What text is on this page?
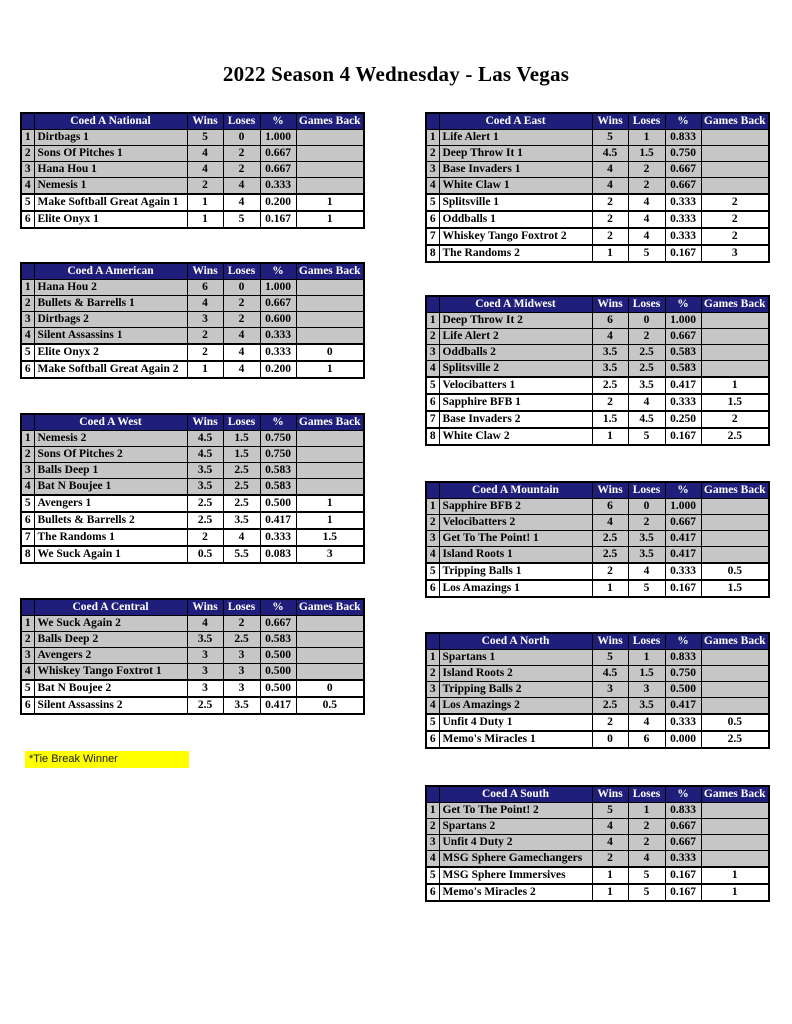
2022 Season 4 Wednesday - Las Vegas
	Coed A National	Wins	Loses	%	Games Back
1	Dirtbags 1	5	0	1.000	
2	Sons Of Pitches 1	4	2	0.667	
3	Hana Hou 1	4	2	0.667	
4	Nemesis 1	2	4	0.333	
5	Make Softball Great Again 1	1	4	0.200	1
6	Elite Onyx 1	1	5	0.167	1
	Coed A American	Wins	Loses	%	Games Back
1	Hana Hou 2	6	0	1.000	
2	Bullets & Barrells 1	4	2	0.667	
3	Dirtbags 2	3	2	0.600	
4	Silent Assassins 1	2	4	0.333	
5	Elite Onyx 2	2	4	0.333	0
6	Make Softball Great Again 2	1	4	0.200	1
	Coed A West	Wins	Loses	%	Games Back
1	Nemesis 2	4.5	1.5	0.750	
2	Sons Of Pitches 2	4.5	1.5	0.750	
3	Balls Deep 1	3.5	2.5	0.583	
4	Bat N Boujee 1	3.5	2.5	0.583	
5	Avengers 1	2.5	2.5	0.500	1
6	Bullets & Barrells 2	2.5	3.5	0.417	1
7	The Randoms 1	2	4	0.333	1.5
8	We Suck Again 1	0.5	5.5	0.083	3
	Coed A Central	Wins	Loses	%	Games Back
1	We Suck Again 2	4	2	0.667	
2	Balls Deep 2	3.5	2.5	0.583	
3	Avengers 2	3	3	0.500	
4	Whiskey Tango Foxtrot 1	3	3	0.500	
5	Bat N Boujee 2	3	3	0.500	0
6	Silent Assassins 2	2.5	3.5	0.417	0.5
	Coed A East	Wins	Loses	%	Games Back
1	Life Alert 1	5	1	0.833	
2	Deep Throw It 1	4.5	1.5	0.750	
3	Base Invaders 1	4	2	0.667	
4	White Claw 1	4	2	0.667	
5	Splitsville 1	2	4	0.333	2
6	Oddballs 1	2	4	0.333	2
7	Whiskey Tango Foxtrot 2	2	4	0.333	2
8	The Randoms 2	1	5	0.167	3
	Coed A Midwest	Wins	Loses	%	Games Back
1	Deep Throw It 2	6	0	1.000	
2	Life Alert 2	4	2	0.667	
3	Oddballs 2	3.5	2.5	0.583	
4	Splitsville 2	3.5	2.5	0.583	
5	Velocibatters 1	2.5	3.5	0.417	1
6	Sapphire BFB 1	2	4	0.333	1.5
7	Base Invaders 2	1.5	4.5	0.250	2
8	White Claw 2	1	5	0.167	2.5
	Coed A Mountain	Wins	Loses	%	Games Back
1	Sapphire BFB 2	6	0	1.000	
2	Velocibatters 2	4	2	0.667	
3	Get To The Point! 1	2.5	3.5	0.417	
4	Island Roots 1	2.5	3.5	0.417	
5	Tripping Balls 1	2	4	0.333	0.5
6	Los Amazings 1	1	5	0.167	1.5
	Coed A North	Wins	Loses	%	Games Back
1	Spartans 1	5	1	0.833	
2	Island Roots 2	4.5	1.5	0.750	
3	Tripping Balls 2	3	3	0.500	
4	Los Amazings 2	2.5	3.5	0.417	
5	Unfit 4 Duty 1	2	4	0.333	0.5
6	Memo's Miracles 1	0	6	0.000	2.5
	Coed A South	Wins	Loses	%	Games Back
1	Get To The Point! 2	5	1	0.833	
2	Spartans 2	4	2	0.667	
3	Unfit 4 Duty 2	4	2	0.667	
4	MSG Sphere Gamechangers	2	4	0.333	
5	MSG Sphere Immersives	1	5	0.167	1
6	Memo's Miracles 2	1	5	0.167	1
*Tie Break Winner
